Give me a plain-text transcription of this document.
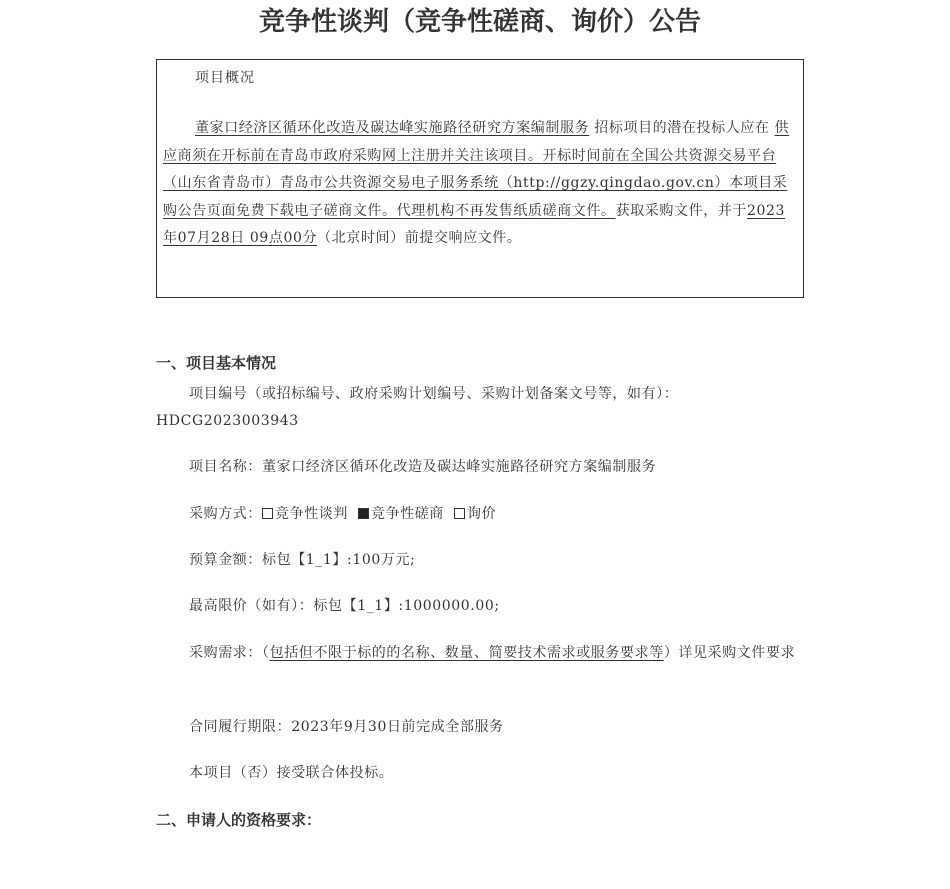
竞争性谈判（竞争性磋商、询价）公告
项目概况
董家口经济区循环化改造及碳达峰实施路径研究方案编制服务 招标项目的潜在投标人应在 供应商须在开标前在青岛市政府采购网上注册并关注该项目。开标时间前在全国公共资源交易平台（山东省青岛市）青岛市公共资源交易电子服务系统（http://ggzy.qingdao.gov.cn）本项目采购公告页面免费下载电子磋商文件。代理机构不再发售纸质磋商文件。获取采购文件，并于2023年07月28日 09点00分（北京时间）前提交响应文件。
一、项目基本情况
项目编号（或招标编号、政府采购计划编号、采购计划备案文号等，如有）：
HDCG2023003943
项目名称：董家口经济区循环化改造及碳达峰实施路径研究方案编制服务
采购方式： 竞争性谈判 竞争性磋商 询价
预算金额：标包【1_1】:100万元;
最高限价（如有）：标包【1_1】:1000000.00;
采购需求：（包括但不限于标的的名称、数量、简要技术需求或服务要求等）详见采购文件要求
合同履行期限：2023年9月30日前完成全部服务
本项目（否）接受联合体投标。
二、申请人的资格要求：
